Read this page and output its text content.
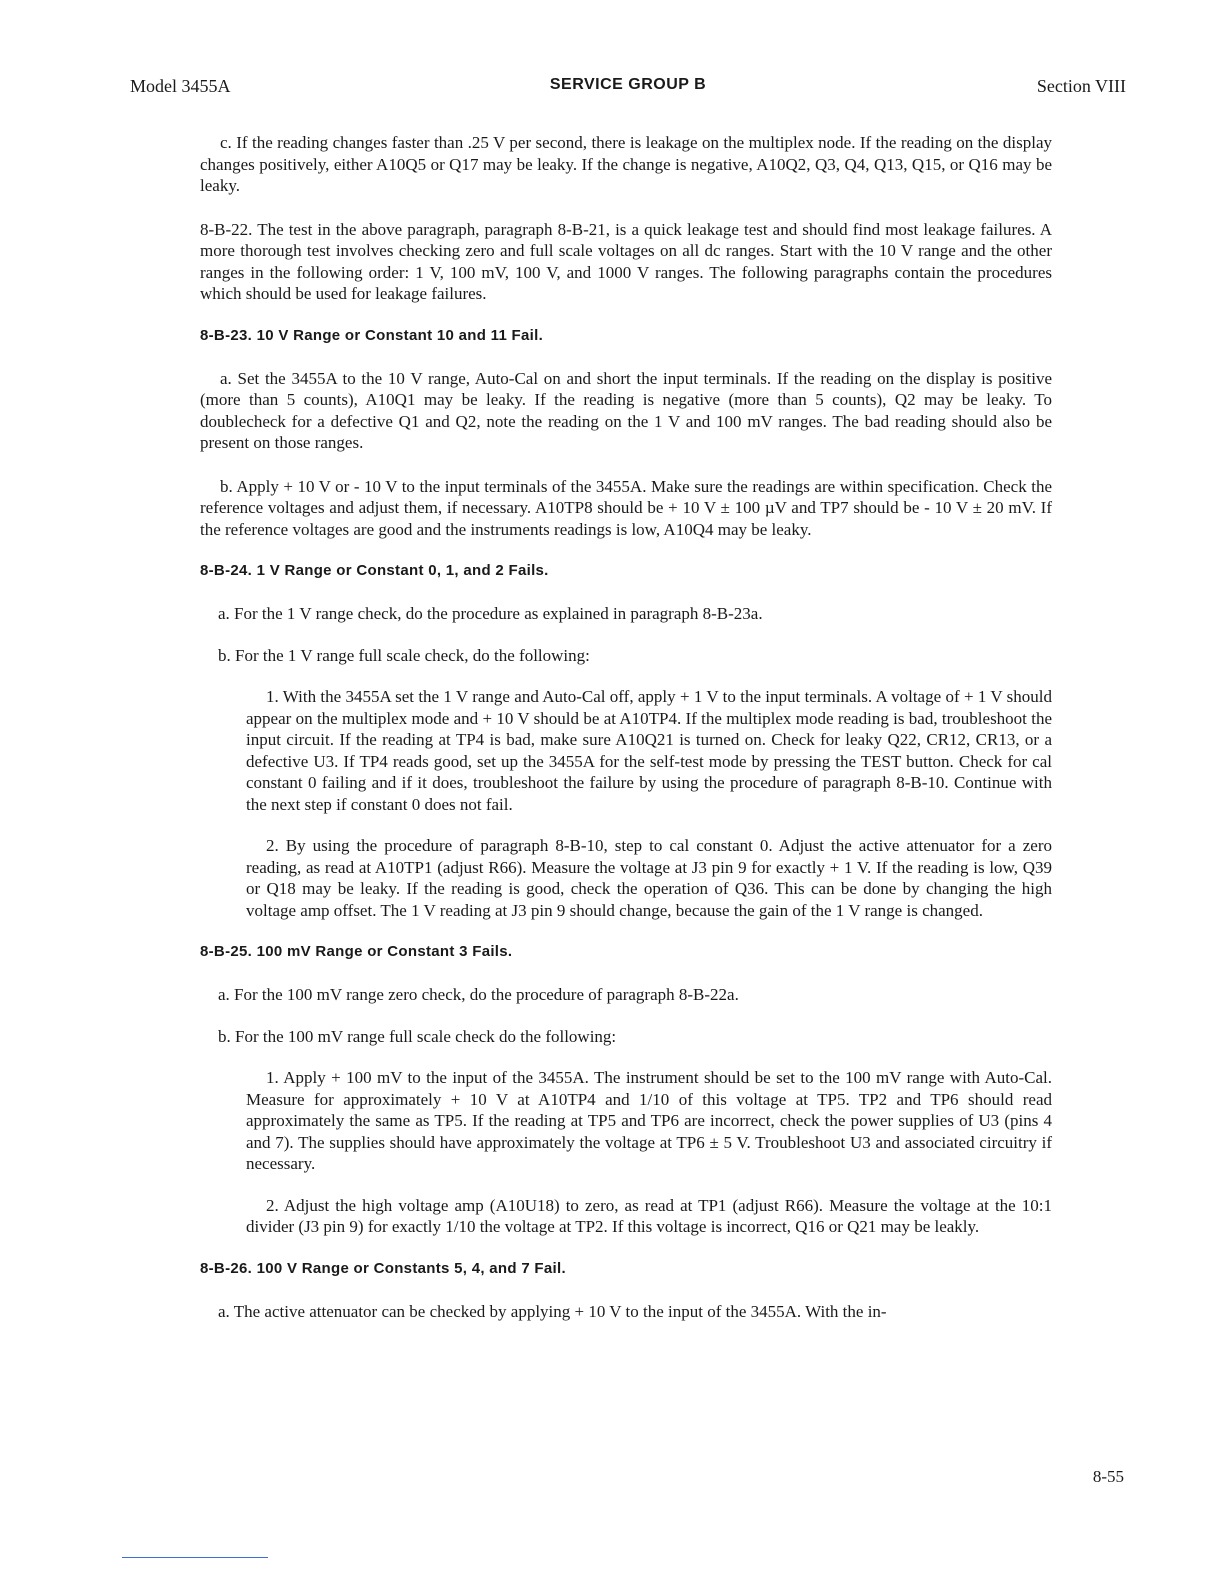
Model 3455A	SERVICE GROUP B	Section VIII

c. If the reading changes faster than .25 V per second, there is leakage on the multiplex node. If the reading on the display changes positively, either A10Q5 or Q17 may be leaky. If the change is negative, A10Q2, Q3, Q4, Q13, Q15, or Q16 may be leaky.

8-B-22. The test in the above paragraph, paragraph 8-B-21, is a quick leakage test and should find most leakage failures. A more thorough test involves checking zero and full scale voltages on all dc ranges. Start with the 10 V range and the other ranges in the following order: 1 V, 100 mV, 100 V, and 1000 V ranges. The following paragraphs contain the procedures which should be used for leakage failures.

8-B-23. 10 V Range or Constant 10 and 11 Fail.

a. Set the 3455A to the 10 V range, Auto-Cal on and short the input terminals. If the reading on the display is positive (more than 5 counts), A10Q1 may be leaky. If the reading is negative (more than 5 counts), Q2 may be leaky. To doublecheck for a defective Q1 and Q2, note the reading on the 1 V and 100 mV ranges. The bad reading should also be present on those ranges.

b. Apply + 10 V or - 10 V to the input terminals of the 3455A. Make sure the readings are within specification. Check the reference voltages and adjust them, if necessary. A10TP8 should be + 10 V ± 100 µV and TP7 should be - 10 V ± 20 mV. If the reference voltages are good and the instruments readings is low, A10Q4 may be leaky.

8-B-24. 1 V Range or Constant 0, 1, and 2 Fails.

a. For the 1 V range check, do the procedure as explained in paragraph 8-B-23a.

b. For the 1 V range full scale check, do the following:

1. With the 3455A set the 1 V range and Auto-Cal off, apply + 1 V to the input terminals. A voltage of + 1 V should appear on the multiplex mode and + 10 V should be at A10TP4. If the multiplex mode reading is bad, troubleshoot the input circuit. If the reading at TP4 is bad, make sure A10Q21 is turned on. Check for leaky Q22, CR12, CR13, or a defective U3. If TP4 reads good, set up the 3455A for the self-test mode by pressing the TEST button. Check for cal constant 0 failing and if it does, troubleshoot the failure by using the procedure of paragraph 8-B-10. Continue with the next step if constant 0 does not fail.

2. By using the procedure of paragraph 8-B-10, step to cal constant 0. Adjust the active attenuator for a zero reading, as read at A10TP1 (adjust R66). Measure the voltage at J3 pin 9 for exactly + 1 V. If the reading is low, Q39 or Q18 may be leaky. If the reading is good, check the operation of Q36. This can be done by changing the high voltage amp offset. The 1 V reading at J3 pin 9 should change, because the gain of the 1 V range is changed.

8-B-25. 100 mV Range or Constant 3 Fails.

a. For the 100 mV range zero check, do the procedure of paragraph 8-B-22a.

b. For the 100 mV range full scale check do the following:

1. Apply + 100 mV to the input of the 3455A. The instrument should be set to the 100 mV range with Auto-Cal. Measure for approximately + 10 V at A10TP4 and 1/10 of this voltage at TP5. TP2 and TP6 should read approximately the same as TP5. If the reading at TP5 and TP6 are incorrect, check the power supplies of U3 (pins 4 and 7). The supplies should have approximately the voltage at TP6 ± 5 V. Troubleshoot U3 and associated circuitry if necessary.

2. Adjust the high voltage amp (A10U18) to zero, as read at TP1 (adjust R66). Measure the voltage at the 10:1 divider (J3 pin 9) for exactly 1/10 the voltage at TP2. If this voltage is incorrect, Q16 or Q21 may be leakly.

8-B-26. 100 V Range or Constants 5, 4, and 7 Fail.

a. The active attenuator can be checked by applying + 10 V to the input of the 3455A. With the in-

8-55
